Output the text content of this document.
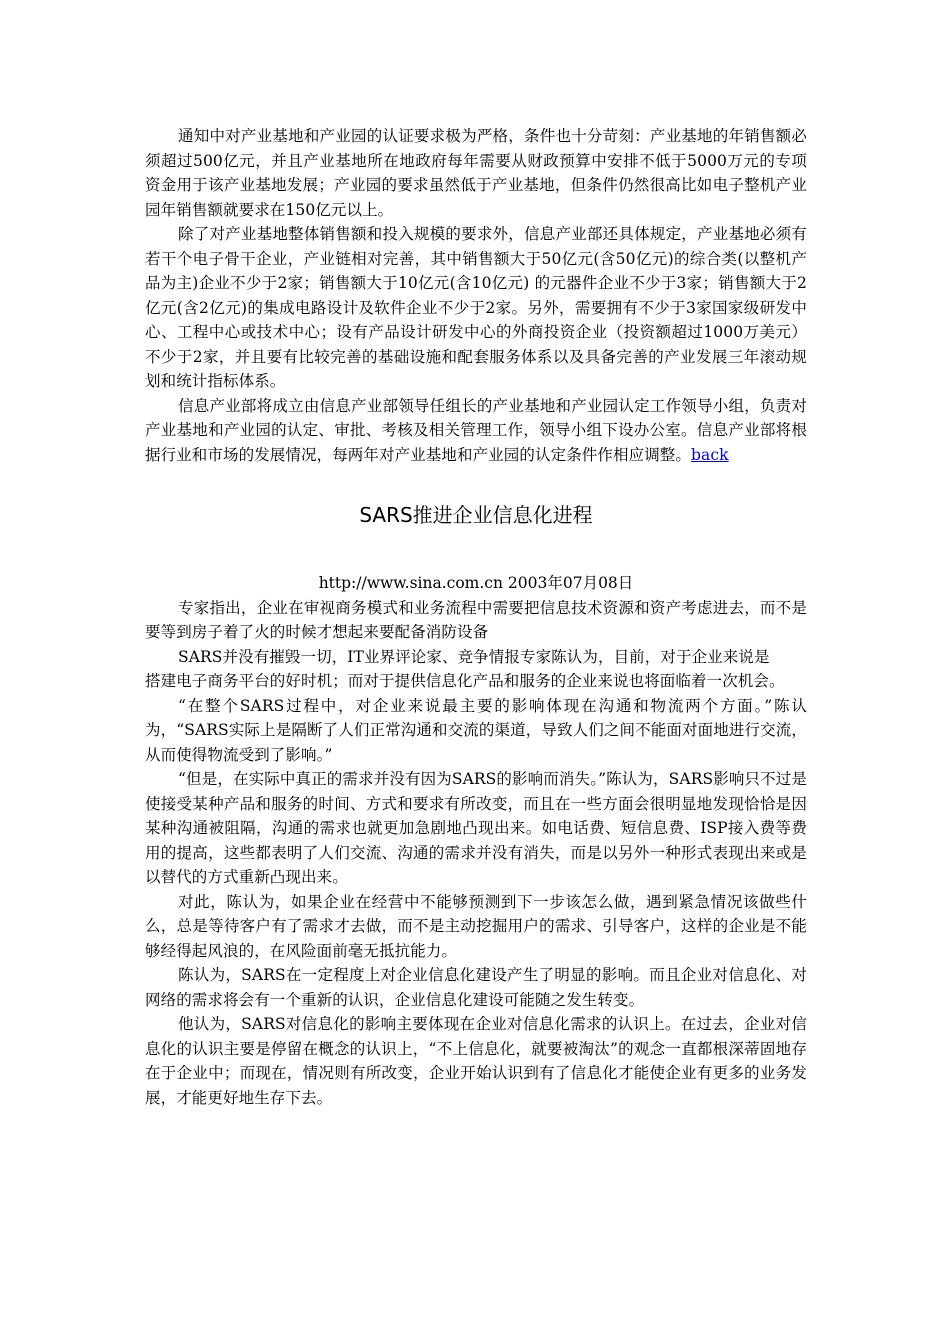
通知中对产业基地和产业园的认证要求极为严格，条件也十分苛刻：产业基地的年销售额必须超过500亿元，并且产业基地所在地政府每年需要从财政预算中安排不低于5000万元的专项资金用于该产业基地发展；产业园的要求虽然低于产业基地，但条件仍然很高比如电子整机产业园年销售额就要求在150亿元以上。

除了对产业基地整体销售额和投入规模的要求外，信息产业部还具体规定，产业基地必须有若干个电子骨干企业，产业链相对完善，其中销售额大于50亿元(含50亿元)的综合类(以整机产品为主)企业不少于2家；销售额大于10亿元(含10亿元) 的元器件企业不少于3家；销售额大于2亿元(含2亿元)的集成电路设计及软件企业不少于2家。另外，需要拥有不少于3家国家级研发中心、工程中心或技术中心；设有产品设计研发中心的外商投资企业（投资额超过1000万美元）不少于2家，并且要有比较完善的基础设施和配套服务体系以及具备完善的产业发展三年滚动规划和统计指标体系。

信息产业部将成立由信息产业部领导任组长的产业基地和产业园认定工作领导小组，负责对产业基地和产业园的认定、审批、考核及相关管理工作，领导小组下设办公室。信息产业部将根据行业和市场的发展情况，每两年对产业基地和产业园的认定条件作相应调整。back

SARS推进企业信息化进程
http://www.sina.com.cn 2003年07月08日

专家指出，企业在审视商务模式和业务流程中需要把信息技术资源和资产考虑进去，而不是要等到房子着了火的时候才想起来要配备消防设备

SARS并没有摧毁一切，IT业界评论家、竞争情报专家陈认为，目前，对于企业来说是

搭建电子商务平台的好时机；而对于提供信息化产品和服务的企业来说也将面临着一次机会。

“在整个SARS过程中，对企业来说最主要的影响体现在沟通和物流两个方面。”陈认为，“SARS实际上是隔断了人们正常沟通和交流的渠道，导致人们之间不能面对面地进行交流，从而使得物流受到了影响。”

“但是，在实际中真正的需求并没有因为SARS的影响而消失。”陈认为，SARS影响只不过是使接受某种产品和服务的时间、方式和要求有所改变，而且在一些方面会很明显地发现恰恰是因某种沟通被阻隔，沟通的需求也就更加急剧地凸现出来。如电话费、短信息费、ISP接入费等费用的提高，这些都表明了人们交流、沟通的需求并没有消失，而是以另外一种形式表现出来或是以替代的方式重新凸现出来。

对此，陈认为，如果企业在经营中不能够预测到下一步该怎么做，遇到紧急情况该做些什么，总是等待客户有了需求才去做，而不是主动挖掘用户的需求、引导客户，这样的企业是不能够经得起风浪的，在风险面前毫无抵抗能力。

陈认为，SARS在一定程度上对企业信息化建设产生了明显的影响。而且企业对信息化、对网络的需求将会有一个重新的认识，企业信息化建设可能随之发生转变。

他认为，SARS对信息化的影响主要体现在企业对信息化需求的认识上。在过去，企业对信息化的认识主要是停留在概念的认识上，“不上信息化，就要被淘汰”的观念一直都根深蒂固地存在于企业中；而现在，情况则有所改变，企业开始认识到有了信息化才能使企业有更多的业务发展，才能更好地生存下去。
